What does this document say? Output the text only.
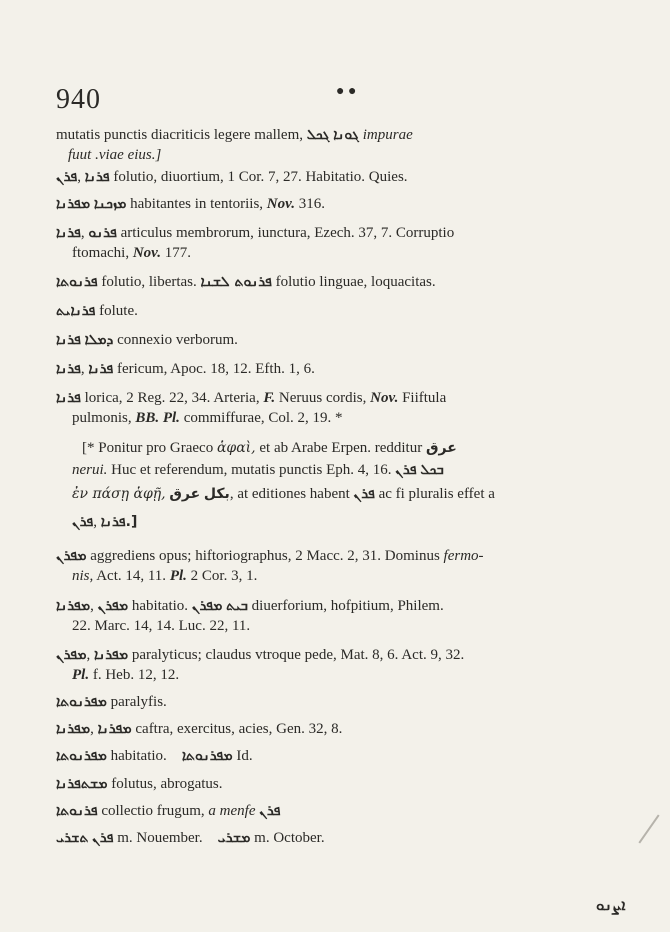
940	● ●
mutatis punctis diacriticis legere mallem, ܓܟܠ ܓܘܢܐ impurae
fuut .viae eius.]
ܦܪܢ, ܦܪܢܐ folutio, diuortium, 1 Cor. 7, 27. Habitatio. Quies.
ܡܦܪܢܐ ܡܙܟܢܐ habitantes in tentoriis, Nov. 316.
ܦܪܢܐ, ܦܪܢܘ articulus membrorum, iunctura, Ezech. 37, 7. Corruptio
ftomachi, Nov. 177.
ܦܪܢܘܬܐ folutio, libertas. ܦܪܢܘܬ ܠܫܢܐ folutio linguae, loquacitas.
ܦܪܢܐܝܬ folute.
ܦܪܢܐ ܕܡܠܐ connexio verborum.
ܦܪܢܐ, ܦܪܢܐ fericum, Apoc. 18, 12. Efth. 1, 6.
ܦܪܢܐ lorica, 2 Reg. 22, 34. Arteria, F. Neruus cordis, Nov. Fiiftula
pulmonis, BB. Pl. commiffurae, Col. 2, 19. *
[* Ponitur pro Graeco ἁφαὶ, et ab Arabe Erpen. redditur عرق
nerui. Huc et referendum, mutatis punctis Eph. 4, 16. ܦܪܢ ܒܟܠ
ἐν πάσῃ ἁφῇ, عرق بكل, at editiones habent ܦܪܢ ac fi pluralis effet a
ܦܪܢ, ܦܪܢܐ.]
ܡܦܪܢ aggrediens opus; hiftoriographus, 2 Macc. 2, 31. Dominus fermo-
nis, Act. 14, 11. Pl. 2 Cor. 3, 1.
ܡܦܪܢܐ, ܡܦܪܢ habitatio. ܡܦܪܢ ܒܝܬ diuerforium, hofpitium, Philem.
22. Marc. 14, 14. Luc. 22, 11.
ܡܦܪܢ, ܡܦܪܢܐ paralyticus; claudus vtroque pede, Mat. 8, 6. Act. 9, 32.
Pl. f. Heb. 12, 12.
ܡܦܪܢܘܬܐ paralyfis.
ܡܦܪܢܐ, ܡܦܪܢܐ caftra, exercitus, acies, Gen. 32, 8.
ܡܦܪܢܘܬܐ habitatio. ܡܦܪܢܘܬܐ Id.
ܡܫܬܦܪܢܐ folutus, abrogatus.
ܦܪܢܘܬܐ collectio frugum, a menfe ܦܪܢ
ܬܫܪܝ ܦܪܢ m. Nouember. ܡܫܪܝ m. October.
ܐܨܢܘ
